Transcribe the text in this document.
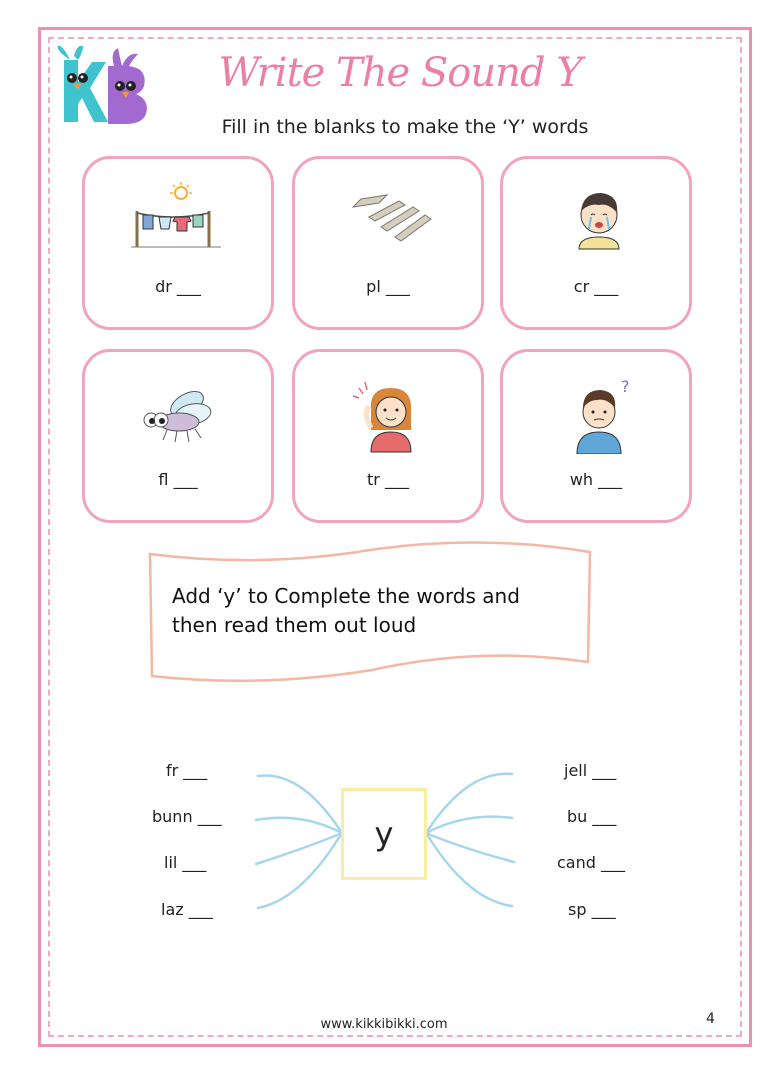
Write The Sound Y
Fill in the blanks to make the ‘Y’ words
dr ___	pl ___	cr ___
fl ___	tr ___
?
wh ___
Add ‘y’ to Complete the words and
then read them out loud
y
fr ___
bunn ___
lil ___
laz ___
jell ___
bu ___
cand ___
sp ___
www.kikkibikki.com	4
